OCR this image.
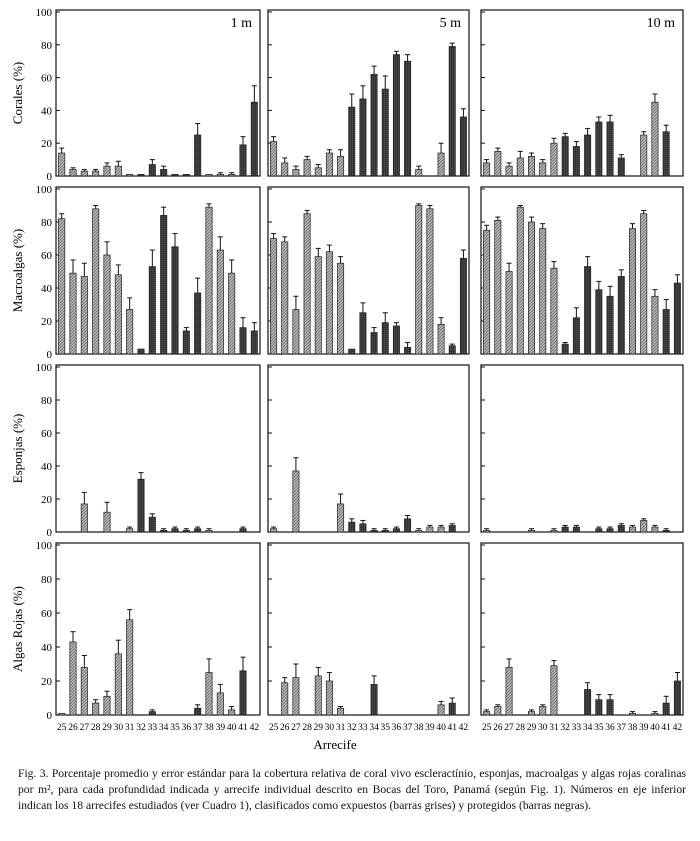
Corales (%)
0
20
40
60
80
100
1 m	5 m	10 m
Macroalgas (%)
0
20
40
60
80
100
Esponjas (%)
0
20
40
60
80
100
Algas Rojas (%)
0
20
40
60
80
100
25 26 27 28 29 30 31 32 33 34 35 36 37 38 39 40 41 42 25 26 27 28 29 30 31 32 33 34 35 36 37 38 39 40 41 42 25 26 27 28 29 30 31 32 33 34 35 36 37 38 39 40 41 42
Arrecife

Fig. 3. Porcentaje promedio y error estándar para la cobertura relativa de coral vivo escleractínio, esponjas, macroalgas y algas rojas coralinas por m², para cada profundidad indicada y arrecife individual descrito en Bocas del Toro, Panamá (según Fig. 1). Números en eje inferior indican los 18 arrecifes estudiados (ver Cuadro 1), clasificados como expuestos (barras grises) y protegidos (barras negras).
